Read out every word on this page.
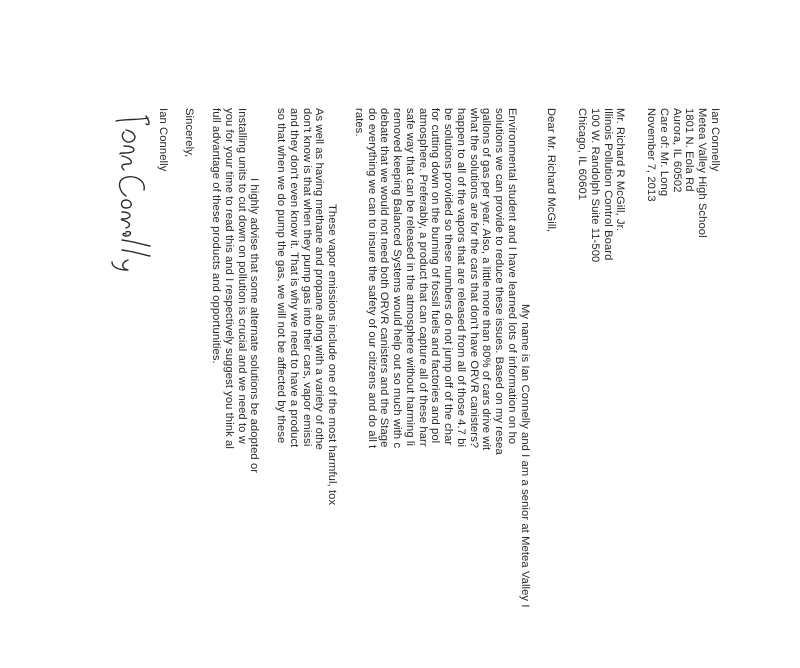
Ian Connelly
Metea Valley High School
1801 N. Eola Rd
Aurora, IL 60502
Care of: Mr. Long
November 7, 2013
Mr. Richard R McGill, Jr.
Illinois Pollution Control Board
100 W. Randolph Suite 11-500
Chicago, IL 60601
Dear Mr. Richard McGill,
My name is Ian Connelly and I am a senior at Metea Valley I
Environmental student and I have learned lots of information on ho
solutions we can provide to reduce these issues. Based on my resea
gallons of gas per year. Also, a little more than 80% of cars drive wit
what the solutions are for the cars that don't have ORVR canisters?
happen to all of the vapors that are released from all of those 4.7 bi
be solutions provided so these numbers do not jump off of the char
for cutting down on the burning of fossil fuels and factories and pol
atmosphere. Preferably, a product that can capture all of these harr
safe way that can be released in the atmosphere without harming li
removed keeping Balanced Systems would help out so much with c
debate that we would not need both ORVR canisters and the Stage
do everything we can to insure the safety of our citizens and do all t
rates.
These vapor emissions include one of the most harmful, tox
As well as having methane and propane along with a variety of othe
don't know is that when they pump gas into their cars, vapor emissi
and they don't even know it. That is why we need to have a product
so that when we do pump the gas, we will not be affected by these
I highly advise that some alternate solutions be adopted or
Installing units to cut down on pollution is crucial and we need to w
you for your time to read this and I respectively suggest you think al
full advantage of these products and opportunities.
Sincerely,
Ian Connelly
